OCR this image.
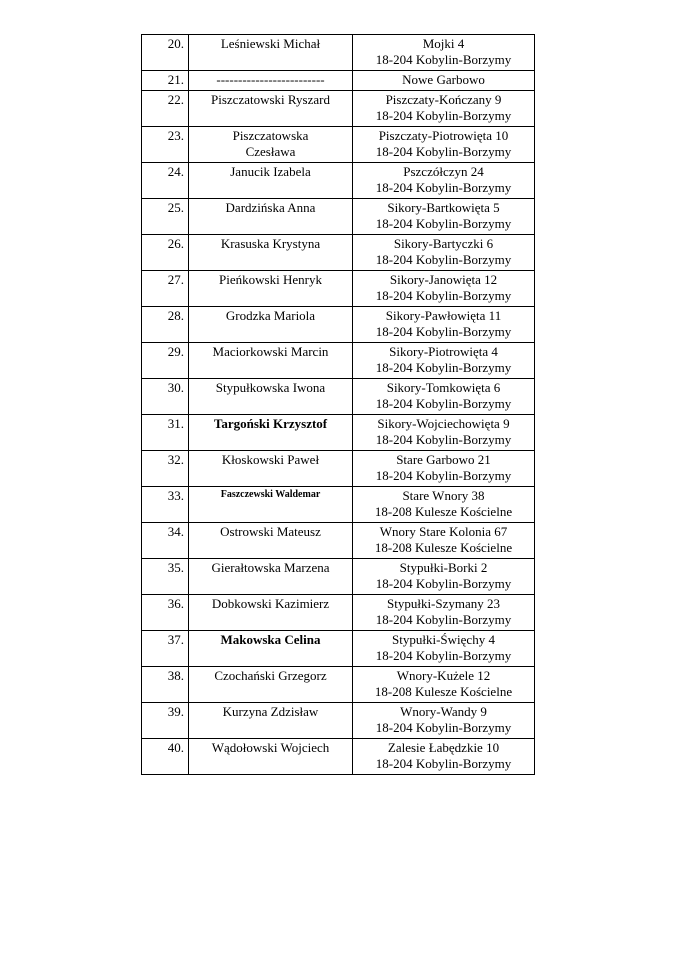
20.	Leśniewski Michał	Mojki 4
18-204 Kobylin-Borzymy

21.	-------------------------	Nowe Garbowo

22.	Piszczatowski Ryszard	Piszczaty-Kończany 9
18-204 Kobylin-Borzymy

23.	Piszczatowska Czesława	Piszczaty-Piotrowięta 10
18-204 Kobylin-Borzymy

24.	Janucik Izabela	Pszczółczyn 24
18-204 Kobylin-Borzymy

25.	Dardzińska Anna	Sikory-Bartkowięta 5
18-204 Kobylin-Borzymy

26.	Krasuska Krystyna	Sikory-Bartyczki 6
18-204 Kobylin-Borzymy

27.	Pieńkowski Henryk	Sikory-Janowięta 12
18-204 Kobylin-Borzymy

28.	Grodzka Mariola	Sikory-Pawłowięta 11
18-204 Kobylin-Borzymy

29.	Maciorkowski Marcin	Sikory-Piotrowięta 4
18-204 Kobylin-Borzymy

30.	Stypułkowska Iwona	Sikory-Tomkowięta 6
18-204 Kobylin-Borzymy

31.	Targoński Krzysztof	Sikory-Wojciechowięta 9
18-204 Kobylin-Borzymy

32.	Kłoskowski Paweł	Stare Garbowo 21
18-204 Kobylin-Borzymy

33.	Faszczewski Waldemar	Stare Wnory 38
18-208 Kulesze Kościelne

34.	Ostrowski Mateusz	Wnory Stare Kolonia 67
18-208 Kulesze Kościelne

35.	Gierałtowska Marzena	Stypułki-Borki 2
18-204 Kobylin-Borzymy

36.	Dobkowski Kazimierz	Stypułki-Szymany 23
18-204 Kobylin-Borzymy

37.	Makowska Celina	Stypułki-Święchy 4
18-204 Kobylin-Borzymy

38.	Czochański Grzegorz	Wnory-Kużele 12
18-208 Kulesze Kościelne

39.	Kurzyna Zdzisław	Wnory-Wandy 9
18-204 Kobylin-Borzymy

40.	Wądołowski Wojciech	Zalesie Łabędzkie 10
18-204 Kobylin-Borzymy
